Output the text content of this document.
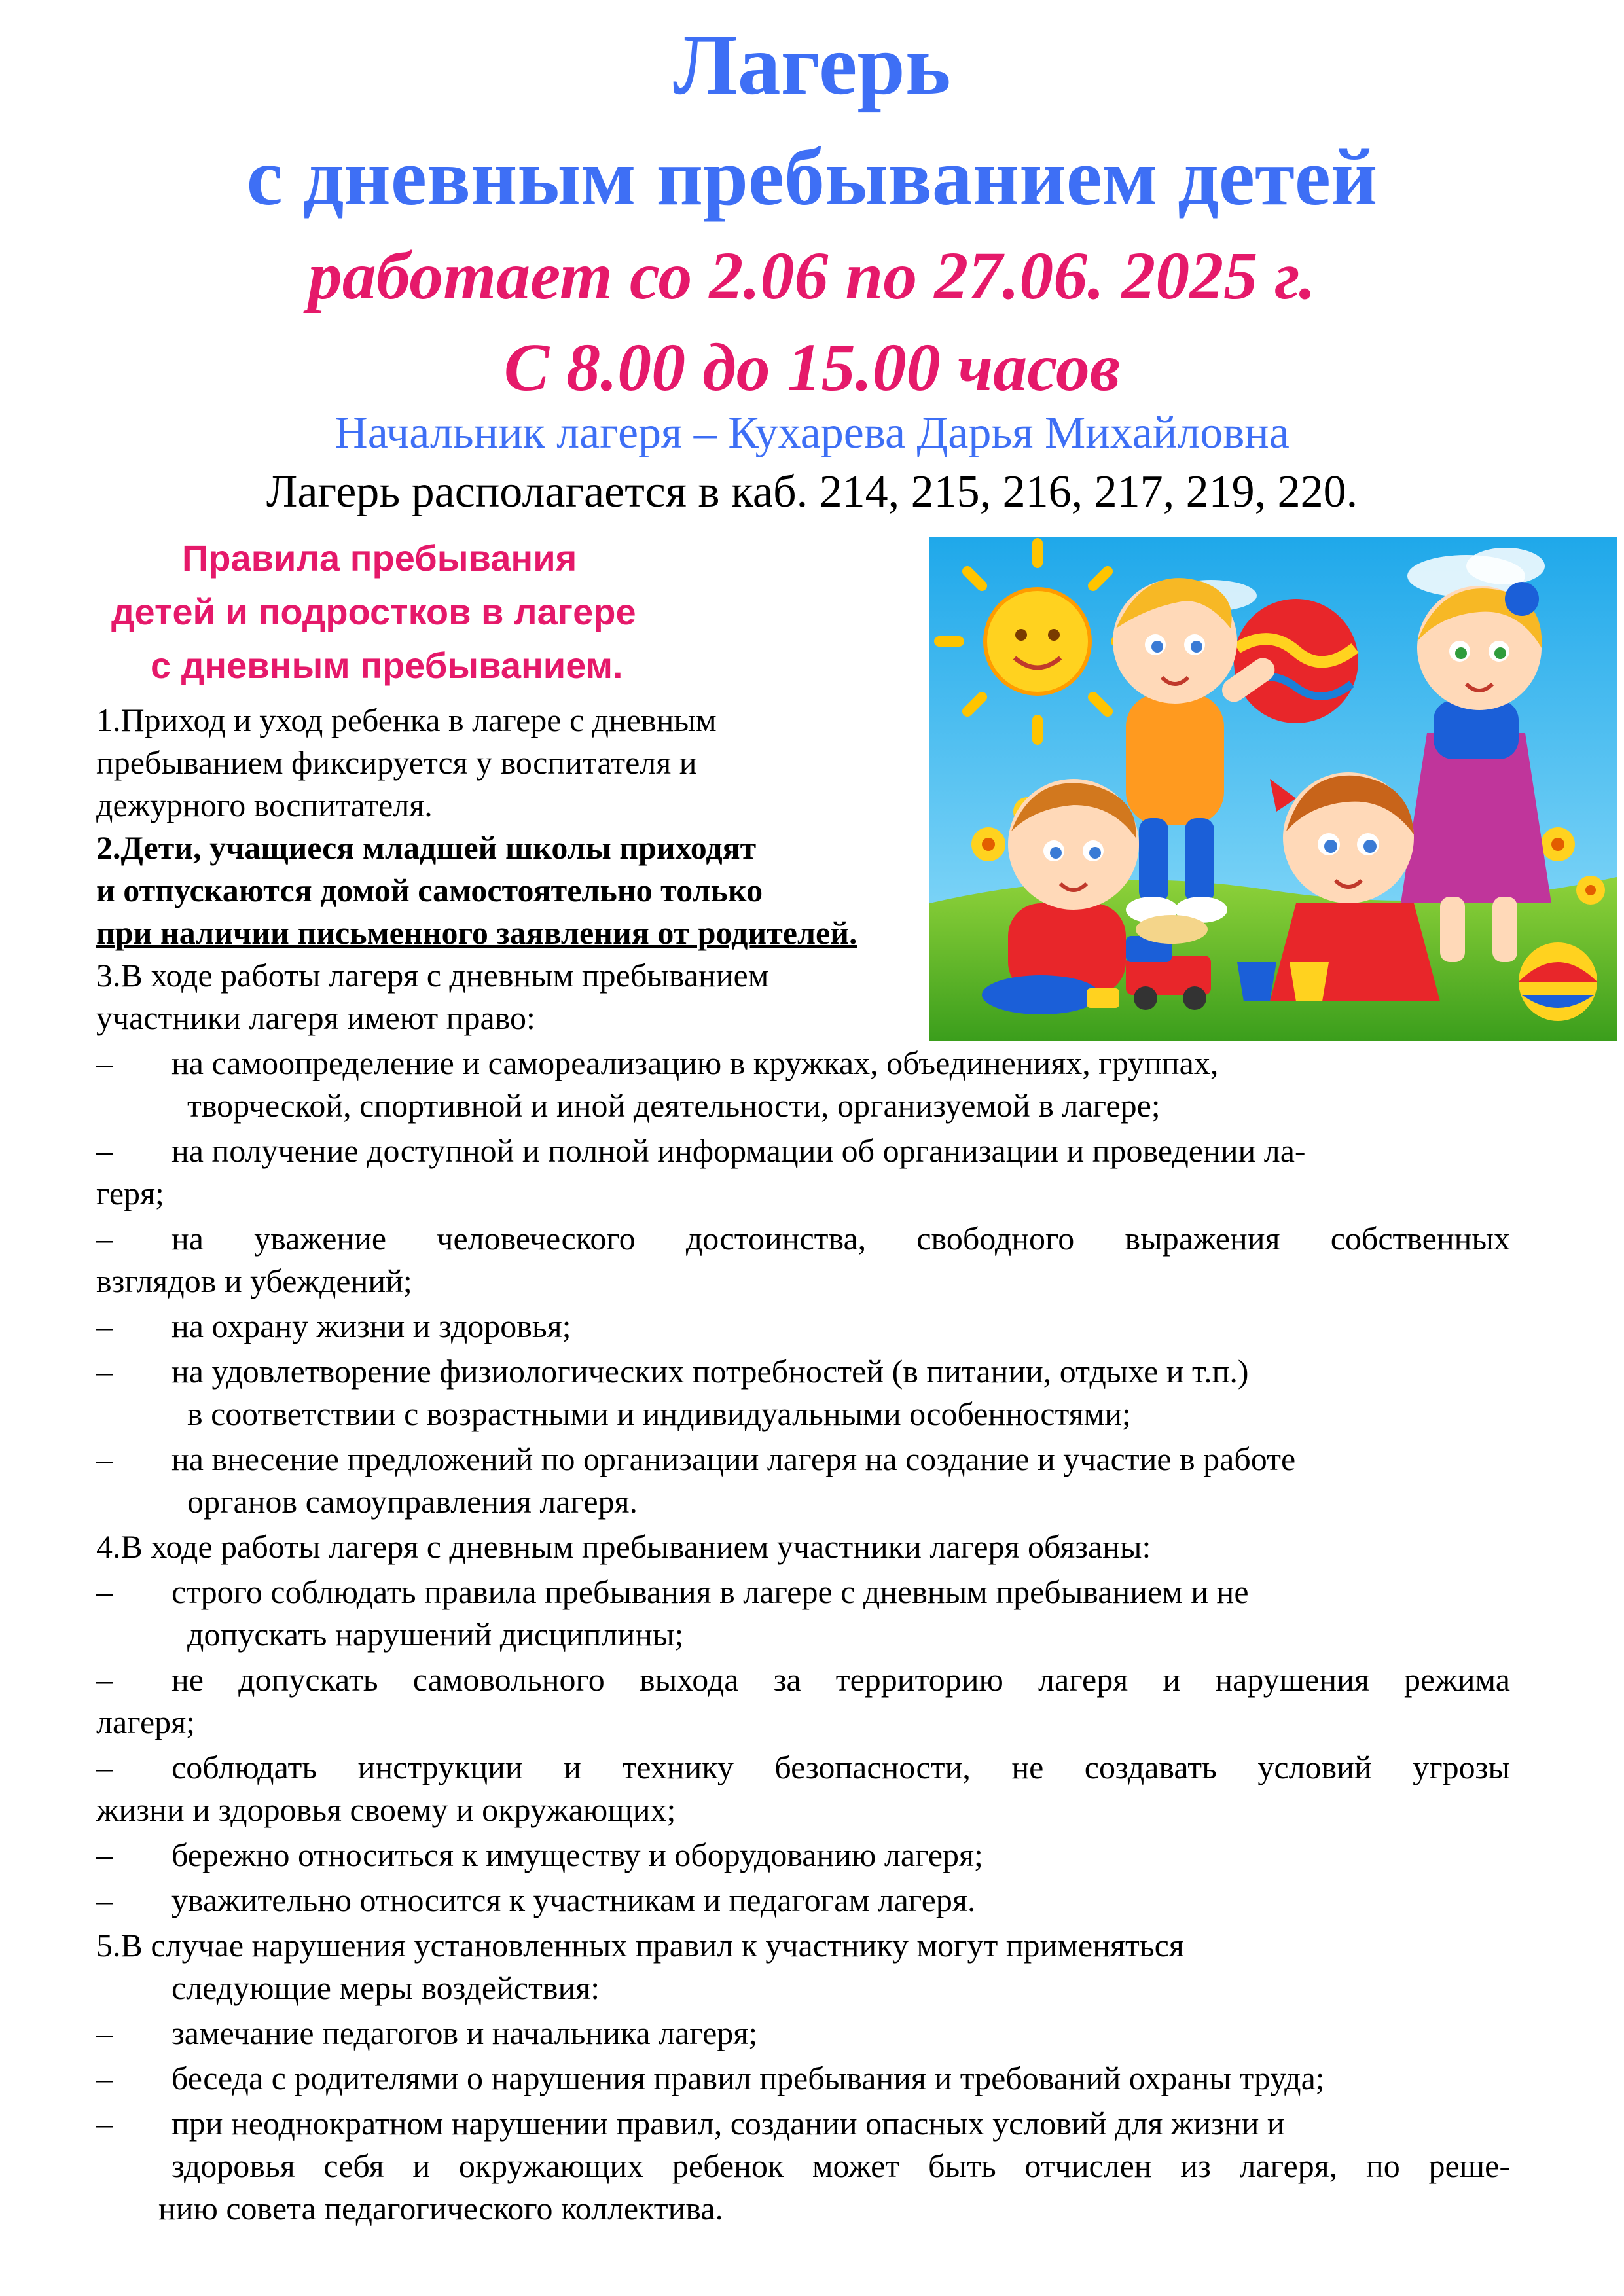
Лагерь
с дневным пребыванием детей
работает со 2.06 по 27.06. 2025 г.
С 8.00 до 15.00 часов
Начальник лагеря – Кухарева Дарья Михайловна
Лагерь располагается в каб. 214, 215, 216, 217, 219, 220.
Правила пребывания
детей и подростков в лагере
с дневным пребыванием.
1.Приход и уход ребенка в лагере с дневным
пребыванием фиксируется у воспитателя и
дежурного воспитателя.
2.Дети, учащиеся младшей школы приходят
и отпускаются домой самостоятельно только
при наличии письменного заявления от родителей.
3.В ходе работы лагеря с дневным пребыванием
участники лагеря имеют право:
– на самоопределение и самореализацию в кружках, объединениях, группах,
творческой, спортивной и иной деятельности, организуемой в лагере;
– на получение доступной и полной информации об организации и проведении ла-
геря;
– на уважение человеческого достоинства, свободного выражения собственных
взглядов и убеждений;
– на охрану жизни и здоровья;
– на удовлетворение физиологических потребностей (в питании, отдыхе и т.п.)
в соответствии с возрастными и индивидуальными особенностями;
– на внесение предложений по организации лагеря на создание и участие в работе
органов самоуправления лагеря.
4.В ходе работы лагеря с дневным пребыванием участники лагеря обязаны:
– строго соблюдать правила пребывания в лагере с дневным пребыванием и не
допускать нарушений дисциплины;
– не допускать самовольного выхода за территорию лагеря и нарушения режима
лагеря;
– соблюдать инструкции и технику безопасности, не создавать условий угрозы
жизни и здоровья своему и окружающих;
– бережно относиться к имуществу и оборудованию лагеря;
– уважительно относится к участникам и педагогам лагеря.
5.В случае нарушения установленных правил к участнику могут применяться
следующие меры воздействия:
– замечание педагогов и начальника лагеря;
– беседа с родителями о нарушения правил пребывания и требований охраны труда;
– при неоднократном нарушении правил, создании опасных условий для жизни и
здоровья себя и окружающих ребенок может быть отчислен из лагеря, по реше-
нию совета педагогического коллектива.
